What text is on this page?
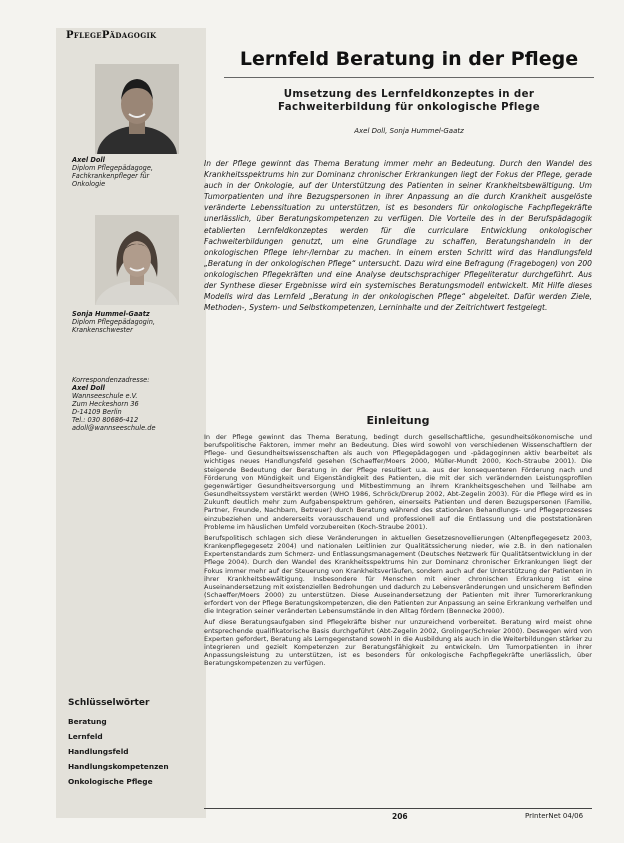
PflegePädagogik
Axel Doll
Diplom Pflegepädagoge,
Fachkrankenpfleger für
Onkologie
Sonja Hummel-Gaatz
Diplom Pflegepädagogin,
Krankenschwester
Korrespondenzadresse:
Axel Doll
Wannseeschule e.V.
Zum Heckeshorn 36
D-14109 Berlin
Tel.: 030 80686-412
adoll@wannseeschule.de
Schlüsselwörter
Beratung
Lernfeld
Handlungsfeld
Handlungskompetenzen
Onkologische Pflege
Lernfeld Beratung in der Pflege
Umsetzung des Lernfeldkonzeptes in der
Fachweiterbildung für onkologische Pflege
Axel Doll, Sonja Hummel-Gaatz
In der Pflege gewinnt das Thema Beratung immer mehr an Bedeutung. Durch den Wandel des Krankheitsspektrums hin zur Dominanz chronischer Erkrankungen liegt der Fokus der Pflege, gerade auch in der Onkologie, auf der Unterstützung des Patienten in seiner Krankheitsbewältigung. Um Tumorpatienten und ihre Bezugspersonen in ihrer Anpassung an die durch Krankheit ausgelöste veränderte Lebenssituation zu unterstützen, ist es besonders für onkologische Fachpflegekräfte unerlässlich, über Beratungskompetenzen zu verfügen. Die Vorteile des in der Berufspädagogik etablierten Lernfeldkonzeptes werden für die curriculare Entwicklung onkologischer Fachweiterbildungen genutzt, um eine Grundlage zu schaffen, Beratungshandeln in der onkologischen Pflege lehr-/lernbar zu machen. In einem ersten Schritt wird das Handlungsfeld „Beratung in der onkologischen Pflege“ untersucht. Dazu wird eine Befragung (Fragebogen) von 200 onkologischen Pflegekräften und eine Analyse deutschsprachiger Pflegeliteratur durchgeführt. Aus der Synthese dieser Ergebnisse wird ein systemisches Beratungsmodell entwickelt. Mit Hilfe dieses Modells wird das Lernfeld „Beratung in der onkologischen Pflege“ abgeleitet. Dafür werden Ziele, Methoden-, System- und Selbstkompetenzen, Lerninhalte und der Zeitrichtwert festgelegt.
Einleitung

In der Pflege gewinnt das Thema Beratung, bedingt durch gesellschaftliche, gesundheitsökonomische und berufspolitische Faktoren, immer mehr an Bedeutung. Dies wird sowohl von verschiedenen Wissenschaftlern der Pflege- und Gesundheitswissenschaften als auch von Pflegepädagogen und -pädagoginnen aktiv bearbeitet als wichtiges neues Handlungsfeld gesehen (Schaeffer/Moers 2000, Müller-Mundt 2000, Koch-Straube 2001). Die steigende Bedeutung der Beratung in der Pflege resultiert u.a. aus der konsequenteren Förderung nach und Förderung von Mündigkeit und Eigenständigkeit des Patienten, die mit der sich verändernden Leistungsprofilen gegenwärtiger Gesundheitsversorgung und Mitbestimmung an ihrem Krankheitsgeschehen und Teilhabe am Gesundheitssystem verstärkt werden (WHO 1986, Schröck/Drerup 2002, Abt-Zegelin 2003). Für die Pflege wird es in Zukunft deutlich mehr zum Aufgabenspektrum gehören, einerseits Patienten und deren Bezugspersonen (Familie, Partner, Freunde, Nachbarn, Betreuer) durch Beratung während des stationären Behandlungs- und Pflegeprozesses einzubeziehen und andererseits vorausschauend und professionell auf die Entlassung und die poststationären Probleme im häuslichen Umfeld vorzubereiten (Koch-Straube 2001).

Berufspolitisch schlagen sich diese Veränderungen in aktuellen Gesetzesnovellierungen (Altenpflegegesetz 2003, Krankenpflegegesetz 2004) und nationalen Leitlinien zur Qualitätssicherung nieder, wie z.B. in den nationalen Expertenstandards zum Schmerz- und Entlassungsmanagement (Deutsches Netzwerk für Qualitätsentwicklung in der Pflege 2004). Durch den Wandel des Krankheitsspektrums hin zur Dominanz chronischer Erkrankungen liegt der Fokus immer mehr auf der Steuerung von Krankheitsverläufen, sondern auch auf der Unterstützung der Patienten in ihrer Krankheitsbewältigung. Insbesondere für Menschen mit einer chronischen Erkrankung ist eine Auseinandersetzung mit existenziellen Bedrohungen und dadurch zu Lebensveränderungen und unsicherem Befinden (Schaeffer/Moers 2000) zu unterstützen. Diese Auseinandersetzung der Patienten mit ihrer Tumorerkrankung erfordert von der Pflege Beratungskompetenzen, die den Patienten zur Anpassung an seine Erkrankung verhelfen und die Integration seiner veränderten Lebensumstände in den Alltag fördern (Bennecke 2000).

Auf diese Beratungsaufgaben sind Pflegekräfte bisher nur unzureichend vorbereitet. Beratung wird meist ohne entsprechende qualifikatorische Basis durchgeführt (Abt-Zegelin 2002, Grolinger/Schreier 2000). Deswegen wird von Experten gefordert, Beratung als Lerngegenstand sowohl in die Ausbildung als auch in die Weiterbildungen stärker zu integrieren und gezielt Kompetenzen zur Beratungsfähigkeit zu entwickeln. Um Tumorpatienten in ihrer Anpassungsleistung zu unterstützen, ist es besonders für onkologische Fachpflegekräfte unerlässlich, über Beratungskompetenzen zu verfügen.

206	PrInterNet 04/06
